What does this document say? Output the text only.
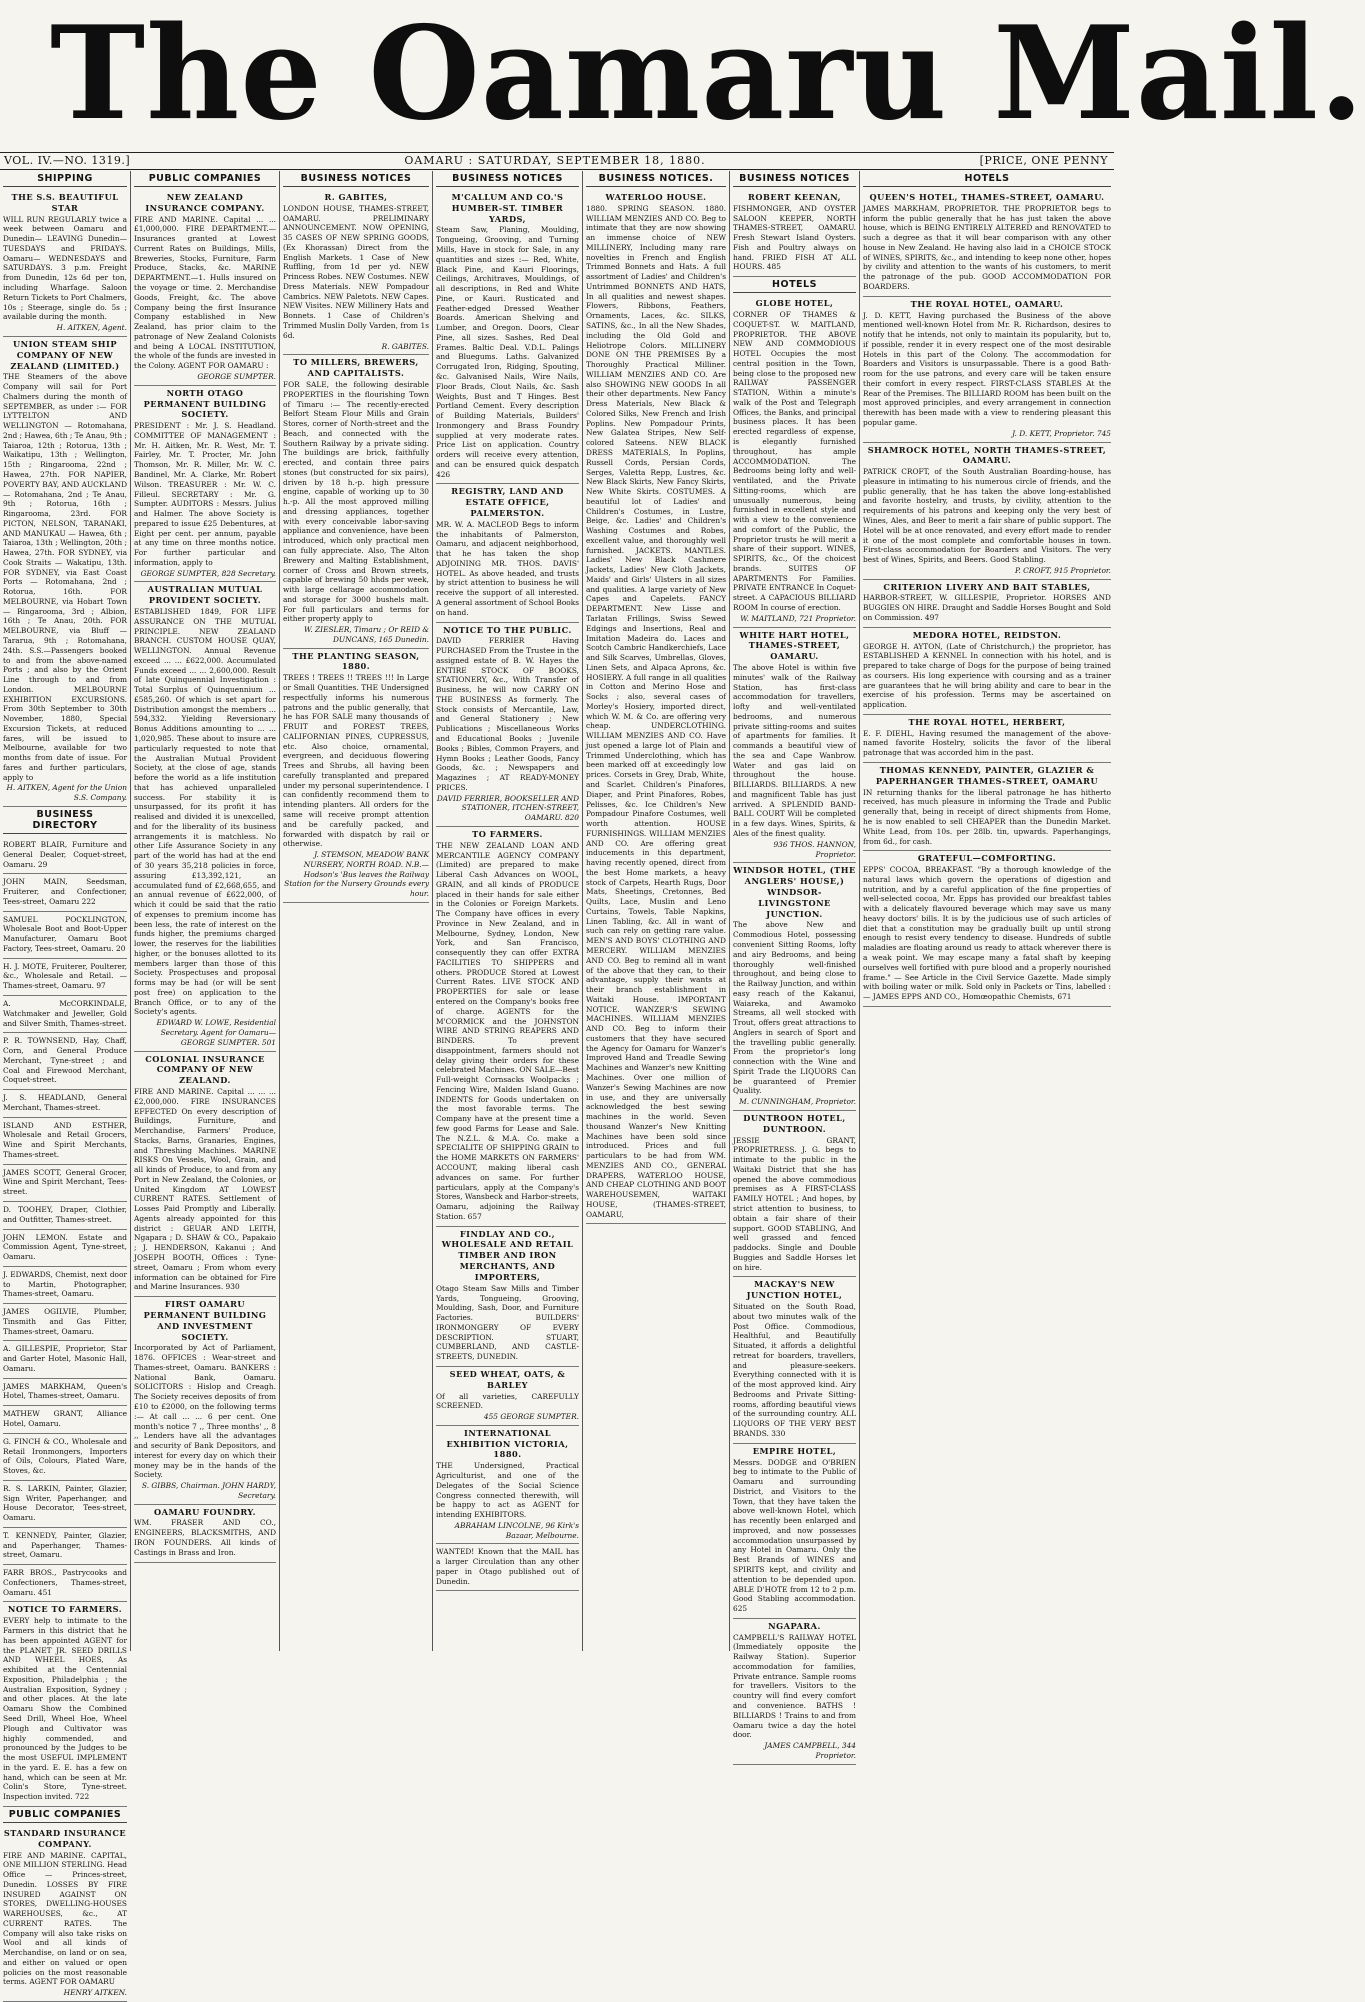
The Oamaru Mail.
VOL. IV.—NO. 1319.]	OAMARU : SATURDAY, SEPTEMBER 18, 1880.	[PRICE, ONE PENNY
SHIPPING
THE S.S. BEAUTIFUL STAR

WILL RUN REGULARLY twice a week between Oamaru and Dunedin— LEAVING Dunedin— TUESDAYS and FRIDAYS. Oamaru— WEDNESDAYS and SATURDAYS. 3 p.m. Freight from Dunedin, 12s 6d per ton, including Wharfage. Saloon Return Tickets to Port Chalmers, 10s ; Steerage, single do. 5s ; available during the month.

H. AITKEN, Agent.
UNION STEAM SHIP COMPANY OF NEW ZEALAND (LIMITED.)

THE Steamers of the above Company will sail for Port Chalmers during the month of SEPTEMBER, as under :— FOR LYTTELTON AND WELLINGTON — Rotomahana, 2nd ; Hawea, 6th ; Te Anau, 9th ; Taiaroa, 12th ; Rotorua, 13th ; Waikatipu, 13th ; Wellington, 15th ; Ringarooma, 22nd ; Hawea, 27th. FOR NAPIER, POVERTY BAY, AND AUCKLAND — Rotomahana, 2nd ; Te Anau, 9th ; Rotorua, 16th ; Ringarooma, 23rd. FOR PICTON, NELSON, TARANAKI, AND MANUKAU — Hawea, 6th ; Taiaroa, 13th ; Wellington, 20th ; Hawea, 27th. FOR SYDNEY, via Cook Straits — Wakatipu, 13th. FOR SYDNEY, via East Coast Ports — Rotomahana, 2nd ; Rotorua, 16th. FOR MELBOURNE, via Hobart Town — Ringarooma, 3rd ; Albion, 16th ; Te Anau, 20th. FOR MELBOURNE, via Bluff — Tararua, 9th ; Rotomahana, 24th. S.S.—Passengers booked to and from the above-named Ports ; and also by the Orient Line through to and from London. MELBOURNE EXHIBITION EXCURSIONS. From 30th September to 30th November, 1880, Special Excursion Tickets, at reduced fares, will be issued to Melbourne, available for two months from date of issue. For fares and further particulars, apply to

H. AITKEN, Agent for the Union S.S. Company.
BUSINESS DIRECTORY

ROBERT BLAIR, Furniture and General Dealer, Coquet-street, Oamaru. 29

JOHN MAIN, Seedsman, Fruiterer, and Confectioner, Tees-street, Oamaru 222

SAMUEL POCKLINGTON, Wholesale Boot and Boot-Upper Manufacturer, Oamaru Boot Factory, Tees-street, Oamaru. 20

H. J. MOTE, Fruiterer, Poulterer, &c., Wholesale and Retail. — Thames-street, Oamaru. 97

A. McCORKINDALE, Watchmaker and Jeweller, Gold and Silver Smith, Thames-street.

P. R. TOWNSEND, Hay, Chaff, Corn, and General Produce Merchant, Tyne-street ; and Coal and Firewood Merchant, Coquet-street.

J. S. HEADLAND, General Merchant, Thames-street.

ISLAND AND ESTHER, Wholesale and Retail Grocers, Wine and Spirit Merchants, Thames-street.

JAMES SCOTT, General Grocer, Wine and Spirit Merchant, Tees-street.

D. TOOHEY, Draper, Clothier, and Outfitter, Thames-street.

JOHN LEMON. Estate and Commission Agent, Tyne-street, Oamaru.

J. EDWARDS, Chemist, next door to Martin, Photographer, Thames-street, Oamaru.

JAMES OGILVIE, Plumber, Tinsmith and Gas Fitter, Thames-street, Oamaru.

A. GILLESPIE, Proprietor, Star and Garter Hotel, Masonic Hall, Oamaru.

JAMES MARKHAM, Queen's Hotel, Thames-street, Oamaru.

MATHEW GRANT, Alliance Hotel, Oamaru.

G. FINCH & CO., Wholesale and Retail Ironmongers, Importers of Oils, Colours, Plated Ware, Stoves, &c.

R. S. LARKIN, Painter, Glazier, Sign Writer, Paperhanger, and House Decorator, Tees-street, Oamaru.

T. KENNEDY, Painter, Glazier, and Paperhanger, Thames-street, Oamaru.

FARR BROS., Pastrycooks and Confectioners, Thames-street, Oamaru. 451

NOTICE TO FARMERS.

EVERY help to intimate to the Farmers in this district that he has been appointed AGENT for the PLANET JR. SEED DRILLS AND WHEEL HOES, As exhibited at the Centennial Exposition, Philadelphia ; the Australian Exposition, Sydney ; and other places. At the late Oamaru Show the Combined Seed Drill, Wheel Hoe, Wheel Plough and Cultivator was highly commended, and pronounced by the Judges to be the most USEFUL IMPLEMENT in the yard. E. E. has a few on hand, which can be seen at Mr. Colin's Store, Tyne-street. Inspection invited. 722

PUBLIC COMPANIES
STANDARD INSURANCE COMPANY.

FIRE AND MARINE. CAPITAL, ONE MILLION STERLING. Head Office — Princes-street, Dunedin. LOSSES BY FIRE INSURED AGAINST ON STORES, DWELLING-HOUSES WAREHOUSES, &c., AT CURRENT RATES. The Company will also take risks on Wool and all kinds of Merchandise, on land or on sea, and either on valued or open policies on the most reasonable terms. AGENT FOR OAMARU

HENRY AITKEN.
PUBLIC COMPANIES
NEW ZEALAND INSURANCE COMPANY.

FIRE AND MARINE. Capital ... ... £1,000,000. FIRE DEPARTMENT.—Insurances granted at Lowest Current Rates on Buildings, Mills, Breweries, Stocks, Furniture, Farm Produce, Stacks, &c. MARINE DEPARTMENT.—1. Hulls insured on the voyage or time. 2. Merchandise Goods, Freight, &c. The above Company being the first Insurance Company established in New Zealand, has prior claim to the patronage of New Zealand Colonists and being A LOCAL INSTITUTION, the whole of the funds are invested in the Colony. AGENT FOR OAMARU :

GEORGE SUMPTER.
NORTH OTAGO PERMANENT BUILDING SOCIETY.

PRESIDENT : Mr. J. S. Headland. COMMITTEE OF MANAGEMENT : Mr. H. Aitken, Mr. R. West, Mr. T. Fairley, Mr. T. Procter, Mr. John Thomson, Mr. R. Miller, Mr. W. C. Bandinel, Mr. A. Clarke, Mr. Robert Wilson. TREASURER : Mr. W. C. Filleul. SECRETARY : Mr. G. Sumpter. AUDITORS : Messrs. Julius and Halmer. The above Society is prepared to issue £25 Debentures, at Eight per cent. per annum, payable at any time on three months notice. For further particular and information, apply to

GEORGE SUMPTER, 828 Secretary.
AUSTRALIAN MUTUAL PROVIDENT SOCIETY.

ESTABLISHED 1849, FOR LIFE ASSURANCE ON THE MUTUAL PRINCIPLE. NEW ZEALAND BRANCH. CUSTOM HOUSE QUAY, WELLINGTON. Annual Revenue exceed ... ... £622,000. Accumulated Funds exceed ... ... 2,600,000. Result of late Quinquennial Investigation : Total Surplus of Quinquennium ... £585,260. Of which is set apart for Distribution amongst the members ... 594,332. Yielding Reversionary Bonus Additions amounting to ... ... 1,020,985. These about to insure are particularly requested to note that the Australian Mutual Provident Society, at the close of age, stands before the world as a life institution that has achieved unparalleled success. For stability it is unsurpassed, for its profit it has realised and divided it is unexcelled, and for the liberality of its business arrangements it is matchless. No other Life Assurance Society in any part of the world has had at the end of 30 years 35,218 policies in force, assuring £13,392,121, an accumulated fund of £2,668,655, and an annual revenue of £622,000, of which it could be said that the ratio of expenses to premium income has been less, the rate of interest on the funds higher, the premiums charged lower, the reserves for the liabilities higher, or the bonuses allotted to its members larger than those of this Society. Prospectuses and proposal forms may be had (or will be sent post free) on application to the Branch Office, or to any of the Society's agents.

EDWARD W. LOWE, Residential Secretary. Agent for Oamaru— GEORGE SUMPTER. 501
COLONIAL INSURANCE COMPANY OF NEW ZEALAND.

FIRE AND MARINE. Capital ... ... ... £2,000,000. FIRE INSURANCES EFFECTED On every description of Buildings, Furniture, and Merchandise, Farmers' Produce, Stacks, Barns, Granaries, Engines, and Threshing Machines. MARINE RISKS On Vessels, Wool, Grain, and all kinds of Produce, to and from any Port in New Zealand, the Colonies, or United Kingdom AT LOWEST CURRENT RATES. Settlement of Losses Paid Promptly and Liberally. Agents already appointed for this district : GEUAR AND LEITH, Ngapara ; D. SHAW & CO., Papakaio ; J. HENDERSON, Kakanui ; And JOSEPH BOOTH, Offices : Tyne-street, Oamaru ; From whom every information can be obtained for Fire and Marine Insurances. 930

FIRST OAMARU PERMANENT BUILDING AND INVESTMENT SOCIETY.

Incorporated by Act of Parliament, 1876. OFFICES : Wear-street and Thames-street, Oamaru. BANKERS : National Bank, Oamaru. SOLICITORS : Hislop and Creagh. The Society receives deposits of from £10 to £2000, on the following terms :— At call ... ... 6 per cent. One month's notice 7 ,, Three months' ,, 8 ,, Lenders have all the advantages and security of Bank Depositors, and interest for every day on which their money may be in the hands of the Society.

S. GIBBS, Chairman. JOHN HARDY, Secretary.
OAMARU FOUNDRY.

WM. FRASER AND CO., ENGINEERS, BLACKSMITHS, AND IRON FOUNDERS. All kinds of Castings in Brass and Iron.

BUSINESS NOTICES
R. GABITES,

LONDON HOUSE, THAMES-STREET, OAMARU. PRELIMINARY ANNOUNCEMENT. NOW OPENING, 35 CASES OF NEW SPRING GOODS, (Ex Khorassan) Direct from the English Markets. 1 Case of New Ruffling, from 1d per yd. NEW Princess Robes. NEW Costumes. NEW Dress Materials. NEW Pompadour Cambrics. NEW Paletots. NEW Capes. NEW Visites. NEW Millinery Hats and Bonnets. 1 Case of Children's Trimmed Muslin Dolly Varden, from 1s 6d.

R. GABITES.
TO MILLERS, BREWERS, AND CAPITALISTS.

FOR SALE, the following desirable PROPERTIES in the flourishing Town of Timaru :— The recently-erected Belfort Steam Flour Mills and Grain Stores, corner of North-street and the Beach, and connected with the Southern Railway by a private siding. The buildings are brick, faithfully erected, and contain three pairs stones (but constructed for six pairs), driven by 18 h.-p. high pressure engine, capable of working up to 30 h.-p. All the most approved milling and dressing appliances, together with every conceivable labor-saving appliance and convenience, have been introduced, which only practical men can fully appreciate. Also, The Alton Brewery and Malting Establishment, corner of Cross and Brown streets, capable of brewing 50 hhds per week, with large cellarage accommodation and storage for 3000 bushels malt. For full particulars and terms for either property apply to

W. ZIESLER, Timaru ; Or REID & DUNCANS, 165 Dunedin.
THE PLANTING SEASON, 1880.

TREES ! TREES !! TREES !!! In Large or Small Quantities. THE Undersigned respectfully informs his numerous patrons and the public generally, that he has FOR SALE many thousands of FRUIT and FOREST TREES, CALIFORNIAN PINES, CUPRESSUS, etc. Also choice, ornamental, evergreen, and deciduous flowering Trees and Shrubs, all having been carefully transplanted and prepared under my personal superintendence. I can confidently recommend them to intending planters. All orders for the same will receive prompt attention and be carefully packed, and forwarded with dispatch by rail or otherwise.

J. STEMSON, MEADOW BANK NURSERY, NORTH ROAD. N.B.—Hodson's 'Bus leaves the Railway Station for the Nursery Grounds every hour.
BUSINESS NOTICES
M'CALLUM AND CO.'S HUMBER-ST. TIMBER YARDS,

Steam Saw, Planing, Moulding, Tongueing, Grooving, and Turning Mills, Have in stock for Sale, in any quantities and sizes :— Red, White, Black Pine, and Kauri Floorings, Ceilings, Architraves, Mouldings, of all descriptions, in Red and White Pine, or Kauri. Rusticated and Feather-edged Dressed Weather Boards. American Shelving and Lumber, and Oregon. Doors, Clear Pine, all sizes. Sashes, Red Deal Frames. Baltic Deal. V.D.L. Palings and Bluegums. Laths. Galvanized Corrugated Iron, Ridging, Spouting, &c. Galvanised Nails, Wire Nails, Floor Brads, Clout Nails, &c. Sash Weights, Bust and T Hinges. Best Portland Cement. Every description of Building Materials, Builders' Ironmongery and Brass Foundry supplied at very moderate rates. Price List on application. Country orders will receive every attention, and can be ensured quick despatch 426

REGISTRY, LAND AND ESTATE OFFICE, PALMERSTON.

MR. W. A. MACLEOD Begs to inform the inhabitants of Palmerston, Oamaru, and adjacent neighborhood, that he has taken the shop ADJOINING MR. THOS. DAVIS' HOTEL. As above headed, and trusts by strict attention to business he will receive the support of all interested. A general assortment of School Books on hand.

NOTICE TO THE PUBLIC.

DAVID FERRIER Having PURCHASED From the Trustee in the assigned estate of B. W. Hayes the ENTIRE STOCK OF BOOKS, STATIONERY, &c., With Transfer of Business, he will now CARRY ON THE BUSINESS As formerly. The Stock consists of Mercantile, Law, and General Stationery ; New Publications ; Miscellaneous Works and Educational Books ; Juvenile Books ; Bibles, Common Prayers, and Hymn Books ; Leather Goods, Fancy Goods, &c. ; Newspapers and Magazines ; AT READY-MONEY PRICES.

DAVID FERRIER, BOOKSELLER AND STATIONER, ITCHEN-STREET, OAMARU. 820
TO FARMERS.

THE NEW ZEALAND LOAN AND MERCANTILE AGENCY COMPANY (Limited) are prepared to make Liberal Cash Advances on WOOL, GRAIN, and all kinds of PRODUCE placed in their hands for sale either in the Colonies or Foreign Markets. The Company have offices in every Province in New Zealand, and in Melbourne, Sydney, London, New York, and San Francisco, consequently they can offer EXTRA FACILITIES TO SHIPPERS and others. PRODUCE Stored at Lowest Current Rates. LIVE STOCK AND PROPERTIES for sale or lease entered on the Company's books free of charge. AGENTS for the M'CORMICK and the JOHNSTON WIRE AND STRING REAPERS AND BINDERS. To prevent disappointment, farmers should not delay giving their orders for these celebrated Machines. ON SALE—Best Full-weight Cornsacks Woolpacks ; Fencing Wire, Malden Island Guano. INDENTS for Goods undertaken on the most favorable terms. The Company have at the present time a few good Farms for Lease and Sale. The N.Z.L. & M.A. Co. make a SPECIALITE OF SHIPPING GRAIN to the HOME MARKETS ON FARMERS' ACCOUNT, making liberal cash advances on same. For further particulars, apply at the Company's Stores, Wansbeck and Harbor-streets, Oamaru, adjoining the Railway Station. 657

FINDLAY AND CO., WHOLESALE AND RETAIL TIMBER AND IRON MERCHANTS, AND IMPORTERS,

Otago Steam Saw Mills and Timber Yards, Tongueing, Grooving, Moulding, Sash, Door, and Furniture Factories. BUILDERS' IRONMONGERY OF EVERY DESCRIPTION. STUART, CUMBERLAND, AND CASTLE-STREETS, DUNEDIN.

SEED WHEAT, OATS, & BARLEY

Of all varieties, CAREFULLY SCREENED.

455 GEORGE SUMPTER.
INTERNATIONAL EXHIBITION VICTORIA, 1880.

THE Undersigned, Practical Agriculturist, and one of the Delegates of the Social Science Congress connected therewith, will be happy to act as AGENT for intending EXHIBITORS.

ABRAHAM LINCOLNE, 96 Kirk's Bazaar, Melbourne.

WANTED! Known that the MAIL has a larger Circulation than any other paper in Otago published out of Dunedin.

BUSINESS NOTICES.
WATERLOO HOUSE.

1880. SPRING SEASON. 1880. WILLIAM MENZIES AND CO. Beg to intimate that they are now showing an immense choice of NEW MILLINERY, Including many rare novelties in French and English Trimmed Bonnets and Hats. A full assortment of Ladies' and Children's Untrimmed BONNETS AND HATS, In all qualities and newest shapes. Flowers, Ribbons, Feathers, Ornaments, Laces, &c. SILKS, SATINS, &c., In all the New Shades, including the Old Gold and Heliotrope Colors. MILLINERY DONE ON THE PREMISES By a Thoroughly Practical Milliner. WILLIAM MENZIES AND CO. Are also SHOWING NEW GOODS In all their other departments. New Fancy Dress Materials, New Black & Colored Silks, New French and Irish Poplins. New Pompadour Prints, New Galatea Stripes, New Self-colored Sateens. NEW BLACK DRESS MATERIALS, In Poplins, Russell Cords, Persian Cords, Serges, Valetta Repp, Lustres, &c. New Black Skirts, New Fancy Skirts, New White Skirts. COSTUMES. A beautiful lot of Ladies' and Children's Costumes, in Lustre, Beige, &c. Ladies' and Children's Washing Costumes and Robes, excellent value, and thoroughly well furnished. JACKETS. MANTLES. Ladies' New Black Cashmere Jackets, Ladies' New Cloth Jackets, Maids' and Girls' Ulsters in all sizes and qualities. A large variety of New Capes and Capelets. FANCY DEPARTMENT. New Lisse and Tarlatan Frillings, Swiss Sewed Edgings and Insertions, Real and Imitation Madeira do. Laces and Scotch Cambric Handkerchiefs, Lace and Silk Scarves, Umbrellas, Gloves, Linen Sets, and Alpaca Aprons, &c. HOSIERY. A full range in all qualities in Cotton and Merino Hose and Socks ; also, several cases of Morley's Hosiery, imported direct, which W. M. & Co. are offering very cheap. UNDERCLOTHING. WILLIAM MENZIES AND CO. Have just opened a large lot of Plain and Trimmed Underclothing, which has been marked off at exceedingly low prices. Corsets in Grey, Drab, White, and Scarlet. Children's Pinafores, Diaper, and Print Pinafores, Robes, Pelisses, &c. Ice Children's New Pompadour Pinafore Costumes, well worth attention. HOUSE FURNISHINGS. WILLIAM MENZIES AND CO. Are offering great inducements in this department, having recently opened, direct from the best Home markets, a heavy stock of Carpets, Hearth Rugs, Door Mats, Sheetings, Cretonnes, Bed Quilts, Lace, Muslin and Leno Curtains, Towels, Table Napkins, Linen Tabling, &c. All in want of such can rely on getting rare value. MEN'S AND BOYS' CLOTHING AND MERCERY. WILLIAM MENZIES AND CO. Beg to remind all in want of the above that they can, to their advantage, supply their wants at their branch establishment in Waitaki House. IMPORTANT NOTICE. WANZER'S SEWING MACHINES. WILLIAM MENZIES AND CO. Beg to inform their customers that they have secured the Agency for Oamaru for Wanzer's Improved Hand and Treadle Sewing Machines and Wanzer's new Knitting Machines. Over one million of Wanzer's Sewing Machines are now in use, and they are universally acknowledged the best sewing machines in the world. Seven thousand Wanzer's New Knitting Machines have been sold since introduced. Prices and full particulars to be had from WM. MENZIES AND CO., GENERAL DRAPERS, WATERLOO HOUSE, AND CHEAP CLOTHING AND BOOT WAREHOUSEMEN, WAITAKI HOUSE, (THAMES-STREET, OAMARU,

BUSINESS NOTICES
ROBERT KEENAN,

FISHMONGER, AND OYSTER SALOON KEEPER, NORTH THAMES-STREET, OAMARU. Fresh Stewart Island Oysters. Fish and Poultry always on hand. FRIED FISH AT ALL HOURS. 485

HOTELS
GLOBE HOTEL,

CORNER OF THAMES & COQUET-ST. W. MAITLAND, PROPRIETOR. THE ABOVE NEW AND COMMODIOUS HOTEL Occupies the most central position in the Town, being close to the proposed new RAILWAY PASSENGER STATION, Within a minute's walk of the Post and Telegraph Offices, the Banks, and principal business places. It has been erected regardless of expense, is elegantly furnished throughout, has ample ACCOMMODATION. The Bedrooms being lofty and well-ventilated, and the Private Sitting-rooms, which are unusually numerous, being furnished in excellent style and with a view to the convenience and comfort of the Public, the Proprietor trusts he will merit a share of their support. WINES, SPIRITS, &c., Of the choicest brands. SUITES OF APARTMENTS For Families. PRIVATE ENTRANCE In Coquet-street. A CAPACIOUS BILLIARD ROOM In course of erection.

W. MAITLAND, 721 Proprietor.
WHITE HART HOTEL, THAMES-STREET, OAMARU.

The above Hotel is within five minutes' walk of the Railway Station, has first-class accommodation for travellers, lofty and well-ventilated bedrooms, and numerous private sitting-rooms and suites of apartments for families. It commands a beautiful view of the sea and Cape Wanbrow. Water and gas laid on throughout the house. BILLIARDS. BILLIARDS. A new and magnificent Table has just arrived. A SPLENDID BAND-BALL COURT Will be completed in a few days. Wines, Spirits, & Ales of the finest quality.

936 THOS. HANNON, Proprietor.
WINDSOR HOTEL, (THE ANGLERS' HOUSE,) WINDSOR-LIVINGSTONE JUNCTION.

The above New and Commodious Hotel, possessing convenient Sitting Rooms, lofty and airy Bedrooms, and being thoroughly well-finished throughout, and being close to the Railway Junction, and within easy reach of the Kakanui, Waiareka, and Awamoko Streams, all well stocked with Trout, offers great attractions to Anglers in search of Sport and the travelling public generally. From the proprietor's long connection with the Wine and Spirit Trade the LIQUORS Can be guaranteed of Premier Quality.

M. CUNNINGHAM, Proprietor.
DUNTROON HOTEL, DUNTROON.

JESSIE GRANT, PROPRIETRESS. J. G. begs to intimate to the public in the Waitaki District that she has opened the above commodious premises as A FIRST-CLASS FAMILY HOTEL ; And hopes, by strict attention to business, to obtain a fair share of their support. GOOD STABLING, And well grassed and fenced paddocks. Single and Double Buggies and Saddle Horses let on hire.

MACKAY'S NEW JUNCTION HOTEL,

Situated on the South Road, about two minutes walk of the Post Office. Commodious, Healthful, and Beautifully Situated, it affords a delightful retreat for boarders, travellers, and pleasure-seekers. Everything connected with it is of the most approved kind. Airy Bedrooms and Private Sitting-rooms, affording beautiful views of the surrounding country. ALL LIQUORS OF THE VERY BEST BRANDS. 330

EMPIRE HOTEL,

Messrs. DODGE and O'BRIEN beg to intimate to the Public of Oamaru and surrounding District, and Visitors to the Town, that they have taken the above well-known Hotel, which has recently been enlarged and improved, and now possesses accommodation unsurpassed by any Hotel in Oamaru. Only the Best Brands of WINES and SPIRITS kept, and civility and attention to be depended upon. ABLE D'HOTE from 12 to 2 p.m. Good Stabling accommodation. 625

NGAPARA.

CAMPBELL'S RAILWAY HOTEL (Immediately opposite the Railway Station). Superior accommodation for families, Private entrance. Sample rooms for travellers. Visitors to the country will find every comfort and convenience. BATHS ! BILLIARDS ! Trains to and from Oamaru twice a day the hotel door.

JAMES CAMPBELL, 344 Proprietor.
HOTELS
QUEEN'S HOTEL, THAMES-STREET, OAMARU.

JAMES MARKHAM, PROPRIETOR. THE PROPRIETOR begs to inform the public generally that he has just taken the above house, which is BEING ENTIRELY ALTERED and RENOVATED to such a degree as that it will bear comparison with any other house in New Zealand. He having also laid in a CHOICE STOCK of WINES, SPIRITS, &c., and intending to keep none other, hopes by civility and attention to the wants of his customers, to merit the patronage of the pub. GOOD ACCOMMODATION FOR BOARDERS.

THE ROYAL HOTEL, OAMARU.

J. D. KETT, Having purchased the Business of the above mentioned well-known Hotel from Mr. R. Richardson, desires to notify that he intends, not only to maintain its popularity, but to, if possible, render it in every respect one of the most desirable Hotels in this part of the Colony. The accommodation for Boarders and Visitors is unsurpassable. There is a good Bath-room for the use patrons, and every care will be taken ensure their comfort in every respect. FIRST-CLASS STABLES At the Rear of the Premises. The BILLIARD ROOM has been built on the most approved principles, and every arrangement in connection therewith has been made with a view to rendering pleasant this popular game.

J. D. KETT, Proprietor. 745
SHAMROCK HOTEL, NORTH THAMES-STREET, OAMARU.

PATRICK CROFT, of the South Australian Boarding-house, has pleasure in intimating to his numerous circle of friends, and the public generally, that he has taken the above long-established and favorite hostelry, and trusts, by civility, attention to the requirements of his patrons and keeping only the very best of Wines, Ales, and Beer to merit a fair share of public support. The Hotel will be at once renovated, and every effort made to render it one of the most complete and comfortable houses in town. First-class accommodation for Boarders and Visitors. The very best of Wines, Spirits, and Beers. Good Stabling.

P. CROFT, 915 Proprietor.
CRITERION LIVERY AND BAIT STABLES,

HARBOR-STREET, W. GILLESPIE, Proprietor. HORSES AND BUGGIES ON HIRE. Draught and Saddle Horses Bought and Sold on Commission. 497

MEDORA HOTEL, REIDSTON.

GEORGE H. AYTON, (Late of Christchurch,) the proprietor, has ESTABLISHED A KENNEL In connection with his hotel, and is prepared to take charge of Dogs for the purpose of being trained as coursers. His long experience with coursing and as a trainer are guarantees that he will bring ability and care to bear in the exercise of his profession. Terms may be ascertained on application.

THE ROYAL HOTEL, HERBERT,

E. F. DIEHL, Having resumed the management of the above-named favorite Hostelry, solicits the favor of the liberal patronage that was accorded him in the past.

THOMAS KENNEDY, PAINTER, GLAZIER & PAPERHANGER THAMES-STREET, OAMARU

IN returning thanks for the liberal patronage he has hitherto received, has much pleasure in informing the Trade and Public generally that, being in receipt of direct shipments from Home, he is now enabled to sell CHEAPER than the Dunedin Market. White Lead, from 10s. per 28lb. tin, upwards. Paperhangings, from 6d., for cash.

GRATEFUL—COMFORTING.

EPPS' COCOA, BREAKFAST. "By a thorough knowledge of the natural laws which govern the operations of digestion and nutrition, and by a careful application of the fine properties of well-selected cocoa, Mr. Epps has provided our breakfast tables with a delicately flavoured beverage which may save us many heavy doctors' bills. It is by the judicious use of such articles of diet that a constitution may be gradually built up until strong enough to resist every tendency to disease. Hundreds of subtle maladies are floating around us ready to attack wherever there is a weak point. We may escape many a fatal shaft by keeping ourselves well fortified with pure blood and a properly nourished frame." — See Article in the Civil Service Gazette. Made simply with boiling water or milk. Sold only in Packets or Tins, labelled :— JAMES EPPS AND CO., Homœopathic Chemists, 671
